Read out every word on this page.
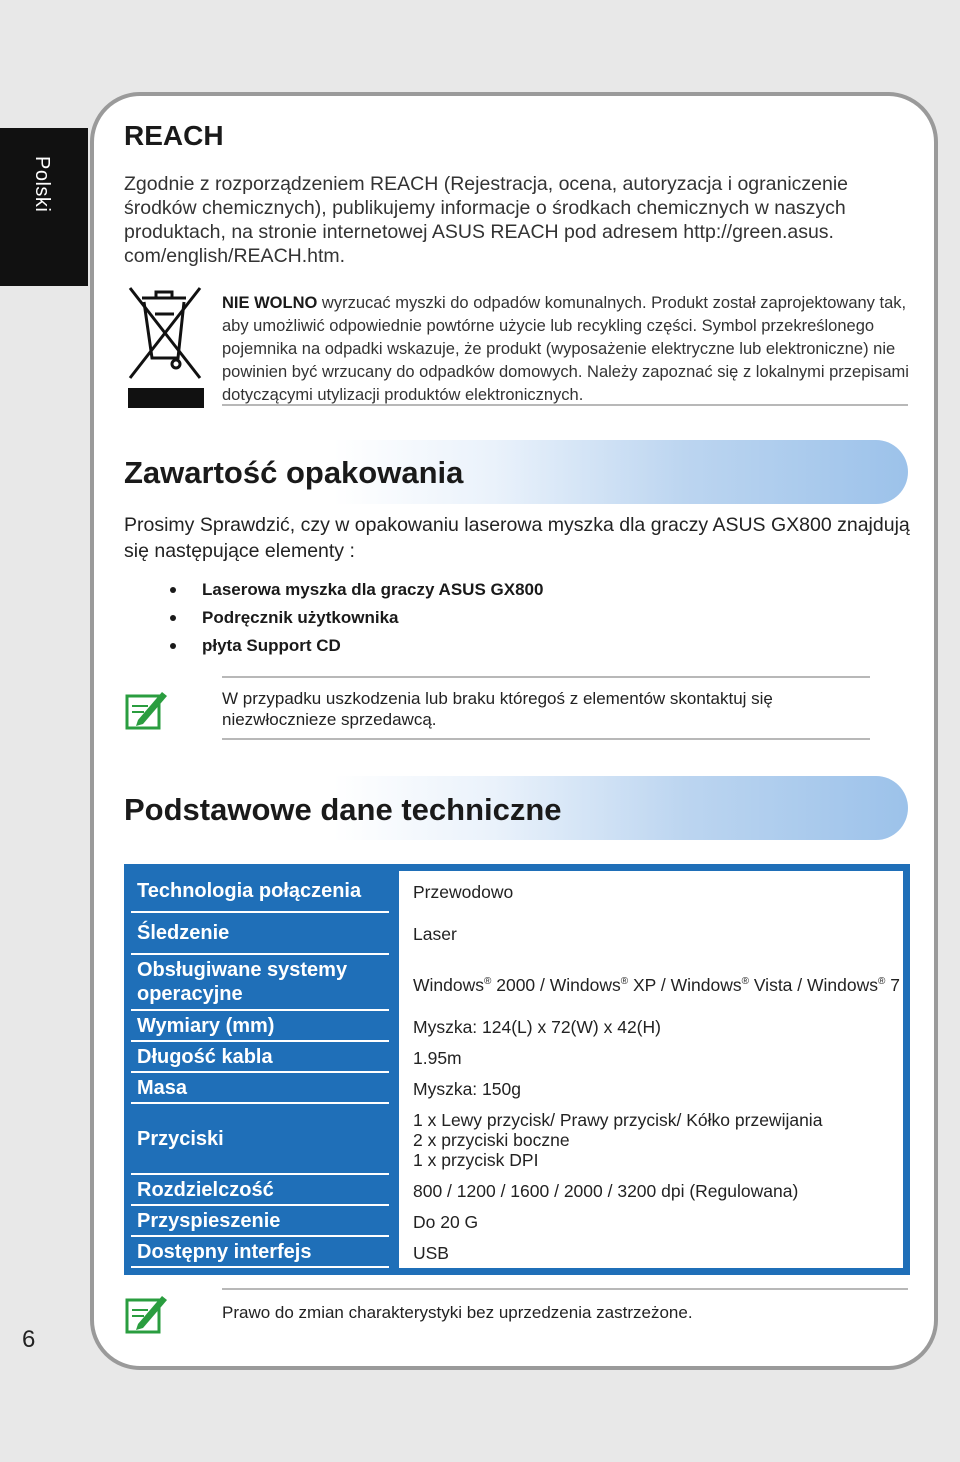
Polski
6
REACH
Zgodnie z rozporządzeniem REACH (Rejestracja, ocena, autoryzacja i ograniczenie środków chemicznych), publikujemy informacje o środkach chemicznych w naszych produktach, na stronie internetowej ASUS REACH pod adresem http://green.asus. com/english/REACH.htm.
NIE WOLNO wyrzucać myszki do odpadów komunalnych. Produkt został zaprojektowany tak, aby umożliwić odpowiednie powtórne użycie lub recykling części. Symbol przekreślonego pojemnika na odpadki wskazuje, że produkt (wyposażenie elektryczne lub elektroniczne) nie powinien być wrzucany do odpadków domowych. Należy zapoznać się z lokalnymi przepisami dotyczącymi utylizacji produktów elektronicznych.
Zawartość opakowania
Prosimy Sprawdzić, czy w opakowaniu laserowa myszka dla graczy ASUS GX800 znajdują się następujące elementy :
Laserowa myszka dla graczy ASUS GX800
Podręcznik użytkownika
płyta Support CD
W przypadku uszkodzenia lub braku któregoś z elementów skontaktuj się niezwłocznieze sprzedawcą.
Podstawowe dane techniczne
Technologia połączenia		Przewodowo
Śledzenie		Laser
Obsługiwane systemy operacyjne		Windows® 2000 / Windows® XP / Windows® Vista / Windows® 7
Wymiary (mm)		Myszka: 124(L) x 72(W) x 42(H)
Długość kabla		1.95m
Masa		Myszka: 150g
Przyciski		1 x Lewy przycisk/ Prawy przycisk/ Kółko przewijania
2 x przyciski boczne
1 x przycisk DPI

Rozdzielczość		800 / 1200 / 1600 / 2000 / 3200 dpi (Regulowana)
Przyspieszenie		Do 20 G
Dostępny interfejs		USB
Prawo do zmian charakterystyki bez uprzedzenia zastrzeżone.
